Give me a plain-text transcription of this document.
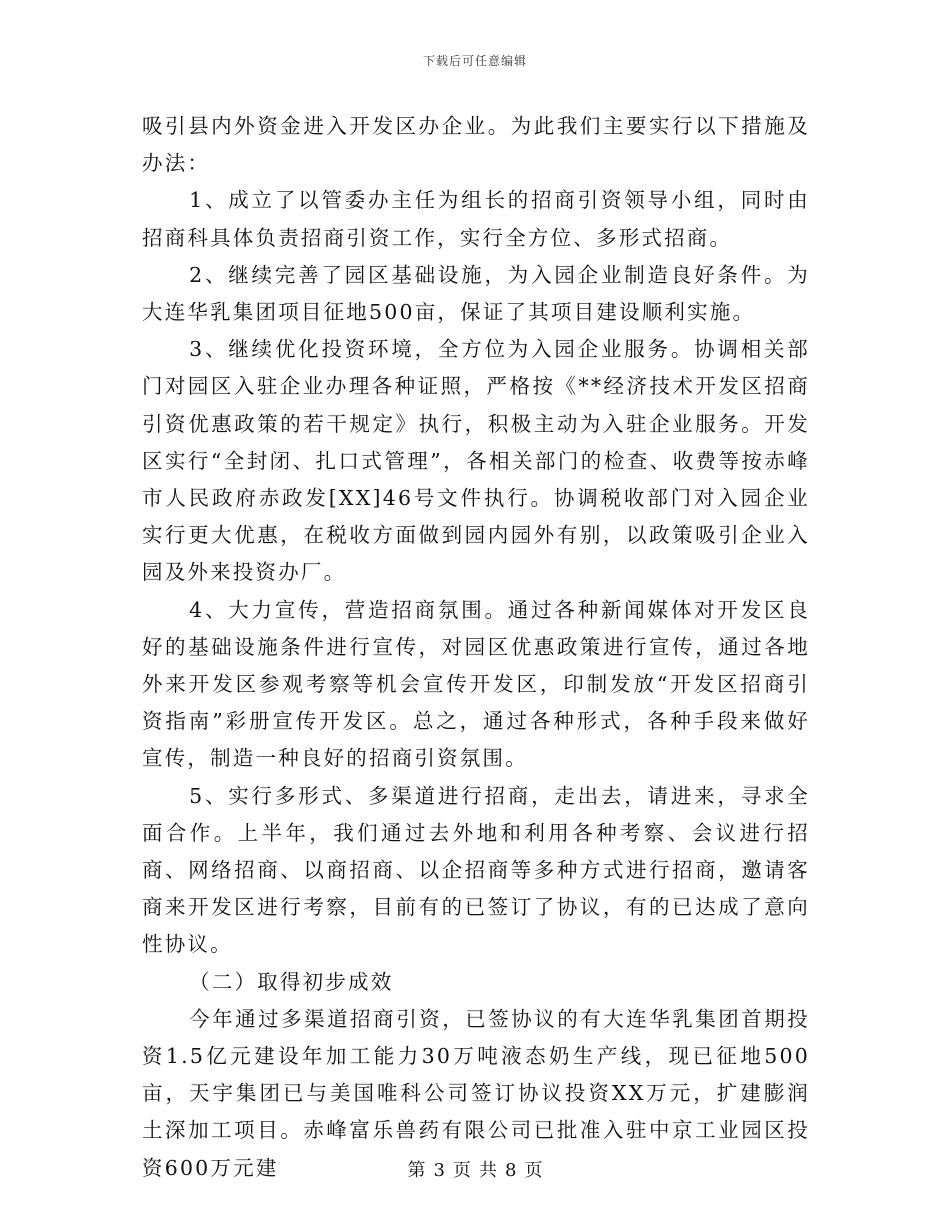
下载后可任意编辑

吸引县内外资金进入开发区办企业。为此我们主要实行以下措施及办法：

1、成立了以管委办主任为组长的招商引资领导小组，同时由招商科具体负责招商引资工作，实行全方位、多形式招商。

2、继续完善了园区基础设施，为入园企业制造良好条件。为大连华乳集团项目征地500亩，保证了其项目建设顺利实施。

3、继续优化投资环境，全方位为入园企业服务。协调相关部门对园区入驻企业办理各种证照，严格按《**经济技术开发区招商引资优惠政策的若干规定》执行，积极主动为入驻企业服务。开发区实行“全封闭、扎口式管理”，各相关部门的检查、收费等按赤峰市人民政府赤政发[XX]46号文件执行。协调税收部门对入园企业实行更大优惠，在税收方面做到园内园外有别，以政策吸引企业入园及外来投资办厂。

4、大力宣传，营造招商氛围。通过各种新闻媒体对开发区良好的基础设施条件进行宣传，对园区优惠政策进行宣传，通过各地外来开发区参观考察等机会宣传开发区，印制发放“开发区招商引资指南”彩册宣传开发区。总之，通过各种形式，各种手段来做好宣传，制造一种良好的招商引资氛围。

5、实行多形式、多渠道进行招商，走出去，请进来，寻求全面合作。上半年，我们通过去外地和利用各种考察、会议进行招商、网络招商、以商招商、以企招商等多种方式进行招商，邀请客商来开发区进行考察，目前有的已签订了协议，有的已达成了意向性协议。

（二）取得初步成效

今年通过多渠道招商引资，已签协议的有大连华乳集团首期投资1.5亿元建设年加工能力30万吨液态奶生产线，现已征地500亩，天宇集团已与美国唯科公司签订协议投资XX万元，扩建膨润土深加工项目。赤峰富乐兽药有限公司已批准入驻中京工业园区投资600万元建	第 3 页 共 8 页
